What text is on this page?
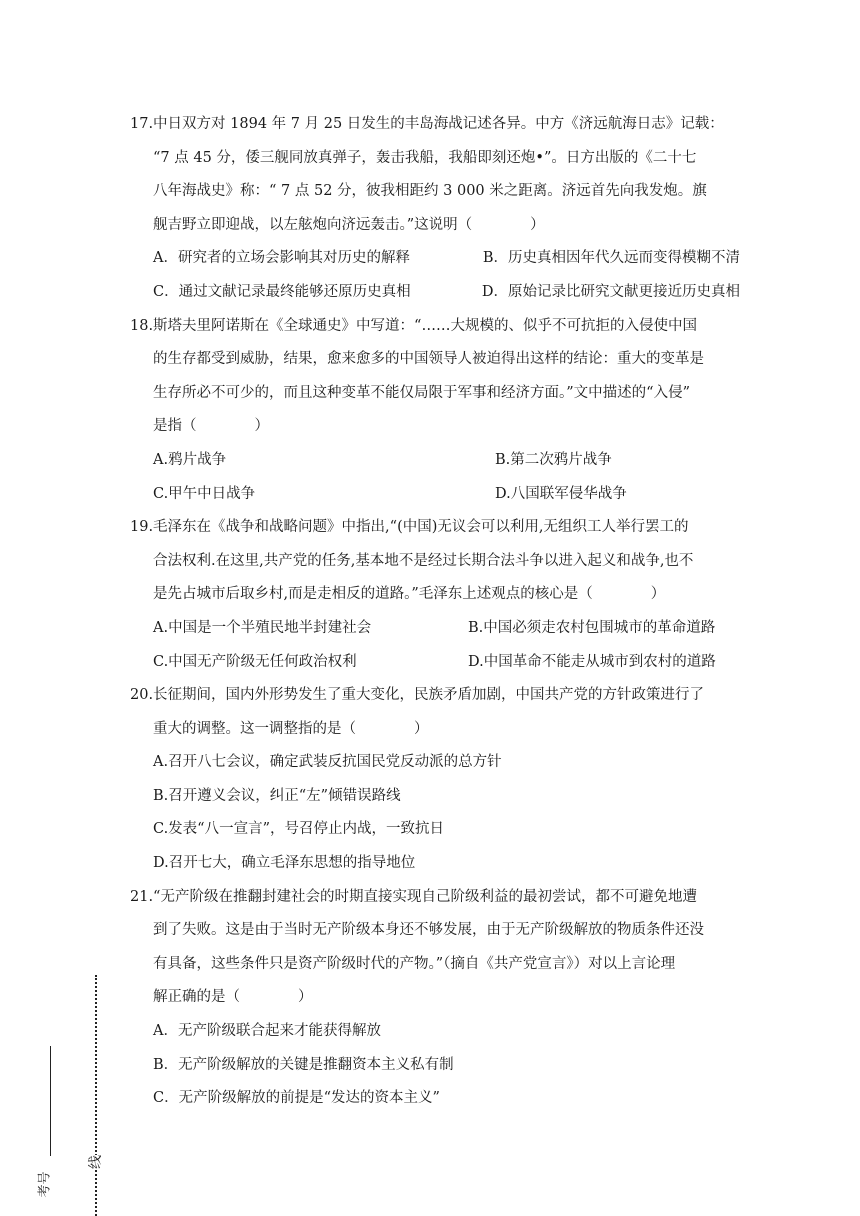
17.中日双方对 1894 年 7 月 25 日发生的丰岛海战记述各异。中方《济远航海日志》记载：

“7 点 45 分，倭三舰同放真弹子，轰击我船，我船即刻还炮•”。日方出版的《二十七

八年海战史》称：“ 7 点 52 分，彼我相距约 3 000 米之距离。济远首先向我发炮。旗

舰吉野立即迎战，以左舷炮向济远轰击。”这说明（　　　　）

A．研究者的立场会影响其对历史的解释	B．历史真相因年代久远而变得模糊不清
C．通过文献记录最终能够还原历史真相	D．原始记录比研究文献更接近历史真相

18.斯塔夫里阿诺斯在《全球通史》中写道：“……大规模的、似乎不可抗拒的入侵使中国

的生存都受到威胁，结果，愈来愈多的中国领导人被迫得出这样的结论：重大的变革是

生存所必不可少的，而且这种变革不能仅局限于军事和经济方面。”文中描述的“入侵”

是指（　　　　）

A.鸦片战争	B.第二次鸦片战争
C.甲午中日战争	D.八国联军侵华战争

19.毛泽东在《战争和战略问题》中指出,“(中国)无议会可以利用,无组织工人举行罢工的

合法权利.在这里,共产党的任务,基本地不是经过长期合法斗争以进入起义和战争,也不

是先占城市后取乡村,而是走相反的道路。”毛泽东上述观点的核心是（　　　　）

A.中国是一个半殖民地半封建社会	B.中国必须走农村包围城市的革命道路
C.中国无产阶级无任何政治权利	D.中国革命不能走从城市到农村的道路

20.长征期间，国内外形势发生了重大变化，民族矛盾加剧，中国共产党的方针政策进行了

重大的调整。这一调整指的是（　　　　）

A.召开八七会议，确定武装反抗国民党反动派的总方针

B.召开遵义会议，纠正“左”倾错误路线

C.发表“八一宣言”，号召停止内战，一致抗日

D.召开七大，确立毛泽东思想的指导地位

21.“无产阶级在推翻封建社会的时期直接实现自己阶级利益的最初尝试，都不可避免地遭

到了失败。这是由于当时无产阶级本身还不够发展，由于无产阶级解放的物质条件还没

有具备，这些条件只是资产阶级时代的产物。”（摘自《共产党宣言》）对以上言论理

解正确的是（　　　　）

A．无产阶级联合起来才能获得解放

B．无产阶级解放的关键是推翻资本主义私有制

C．无产阶级解放的前提是“发达的资本主义”

线
考号
